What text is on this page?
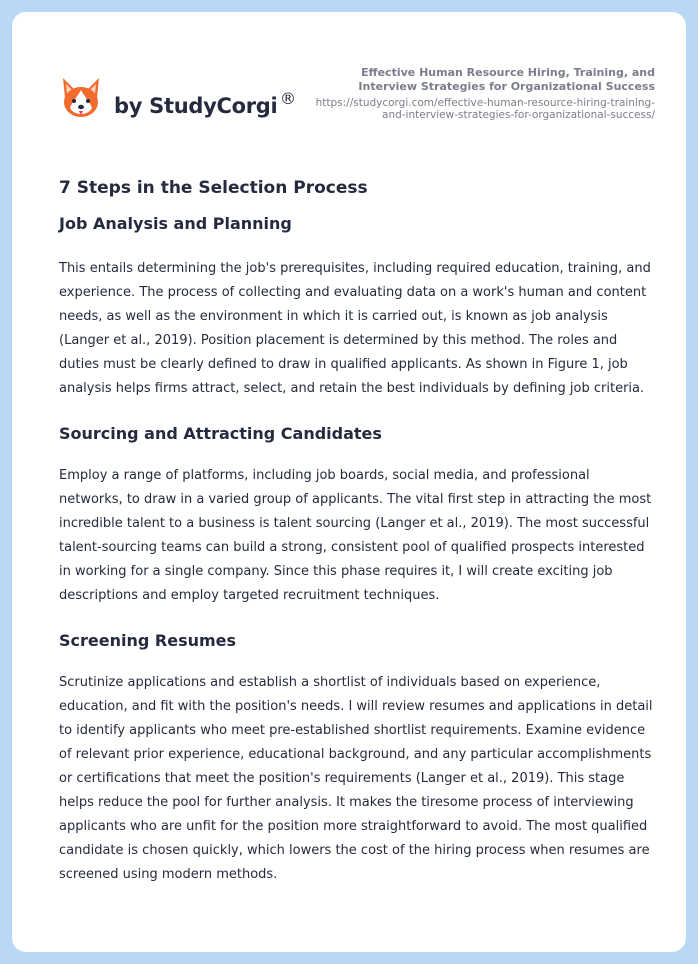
by StudyCorgi ®
Effective Human Resource Hiring, Training, and Interview Strategies for Organizational Success
https://studycorgi.com/effective-human-resource-hiring-training-and-interview-strategies-for-organizational-success/
7 Steps in the Selection Process
Job Analysis and Planning

This entails determining the job's prerequisites, including required education, training, and experience. The process of collecting and evaluating data on a work's human and content needs, as well as the environment in which it is carried out, is known as job analysis (Langer et al., 2019). Position placement is determined by this method. The roles and duties must be clearly defined to draw in qualified applicants. As shown in Figure 1, job analysis helps firms attract, select, and retain the best individuals by defining job criteria.

Sourcing and Attracting Candidates

Employ a range of platforms, including job boards, social media, and professional networks, to draw in a varied group of applicants. The vital first step in attracting the most incredible talent to a business is talent sourcing (Langer et al., 2019). The most successful talent-sourcing teams can build a strong, consistent pool of qualified prospects interested in working for a single company. Since this phase requires it, I will create exciting job descriptions and employ targeted recruitment techniques.

Screening Resumes

Scrutinize applications and establish a shortlist of individuals based on experience, education, and fit with the position's needs. I will review resumes and applications in detail to identify applicants who meet pre-established shortlist requirements. Examine evidence of relevant prior experience, educational background, and any particular accomplishments or certifications that meet the position's requirements (Langer et al., 2019). This stage helps reduce the pool for further analysis. It makes the tiresome process of interviewing applicants who are unfit for the position more straightforward to avoid. The most qualified candidate is chosen quickly, which lowers the cost of the hiring process when resumes are screened using modern methods.
